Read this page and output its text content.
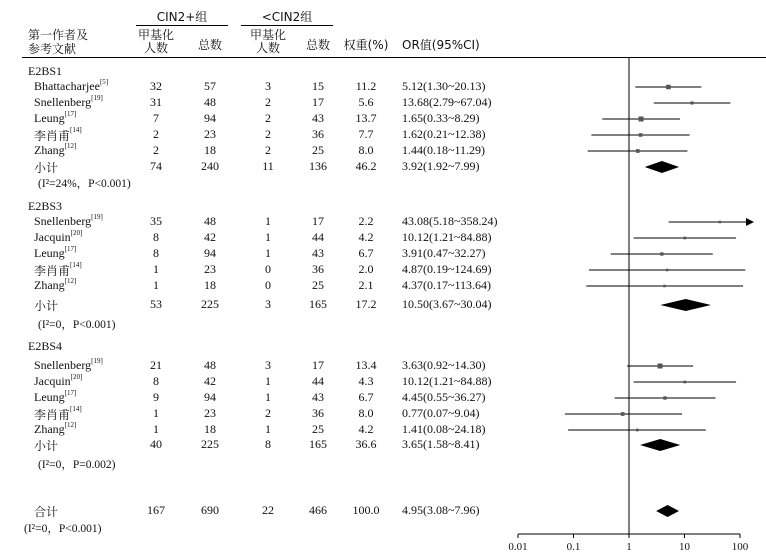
第一作者及
参考文献
CIN2+组	<CIN2组
甲基化
人数	总数
甲基化
人数	总数 权重(%) OR值(95%CI)
E2BS1
Bhattacharjee[5]	32	57	3	15	11.2 5.12(1.30~20.13)
Snellenberg[19]	31	48	2	17	5.6 13.68(2.79~67.04)
Leung[17]	7	94	2	43	13.7 1.65(0.33~8.29)
李肖甫[14]	2	23	2	36	7.7 1.62(0.21~12.38)
Zhang[12]	2	18	2	25	8.0 1.44(0.18~11.29)
小计	74	240	11	136 46.2 3.92(1.92~7.99)
(I²=24%，P<0.001)
E2BS3
Snellenberg[19]	35	48	1	17	2.2 43.08(5.18~358.24)
Jacquin[20]	8	42	1	44	4.2 10.12(1.21~84.88)
Leung[17]	8	94	1	43	6.7 3.91(0.47~32.27)
李肖甫[14]	1	23	0	36	2.0 4.87(0.19~124.69)
Zhang[12]	1	18	0	25	2.1 4.37(0.17~113.64)
小计	53	225	3	165 17.2 10.50(3.67~30.04)
(I²=0，P<0.001)
E2BS4
Snellenberg[19]	21	48	3	17	13.4 3.63(0.92~14.30)
Jacquin[20]	8	42	1	44	4.3 10.12(1.21~84.88)
Leung[17]	9	94	1	43	6.7 4.45(0.55~36.27)
李肖甫[14]	1	23	2	36	8.0 0.77(0.07~9.04)
Zhang[12]	1	18	1	25	4.2 1.41(0.08~24.18)
小计	40	225	8	165 36.6 3.65(1.58~8.41)
(I²=0，P=0.002)
合计	167	690	22	466 100.0 4.95(3.08~7.96)
(I²=0，P<0.001)
0.01	0.1	1	10	100
